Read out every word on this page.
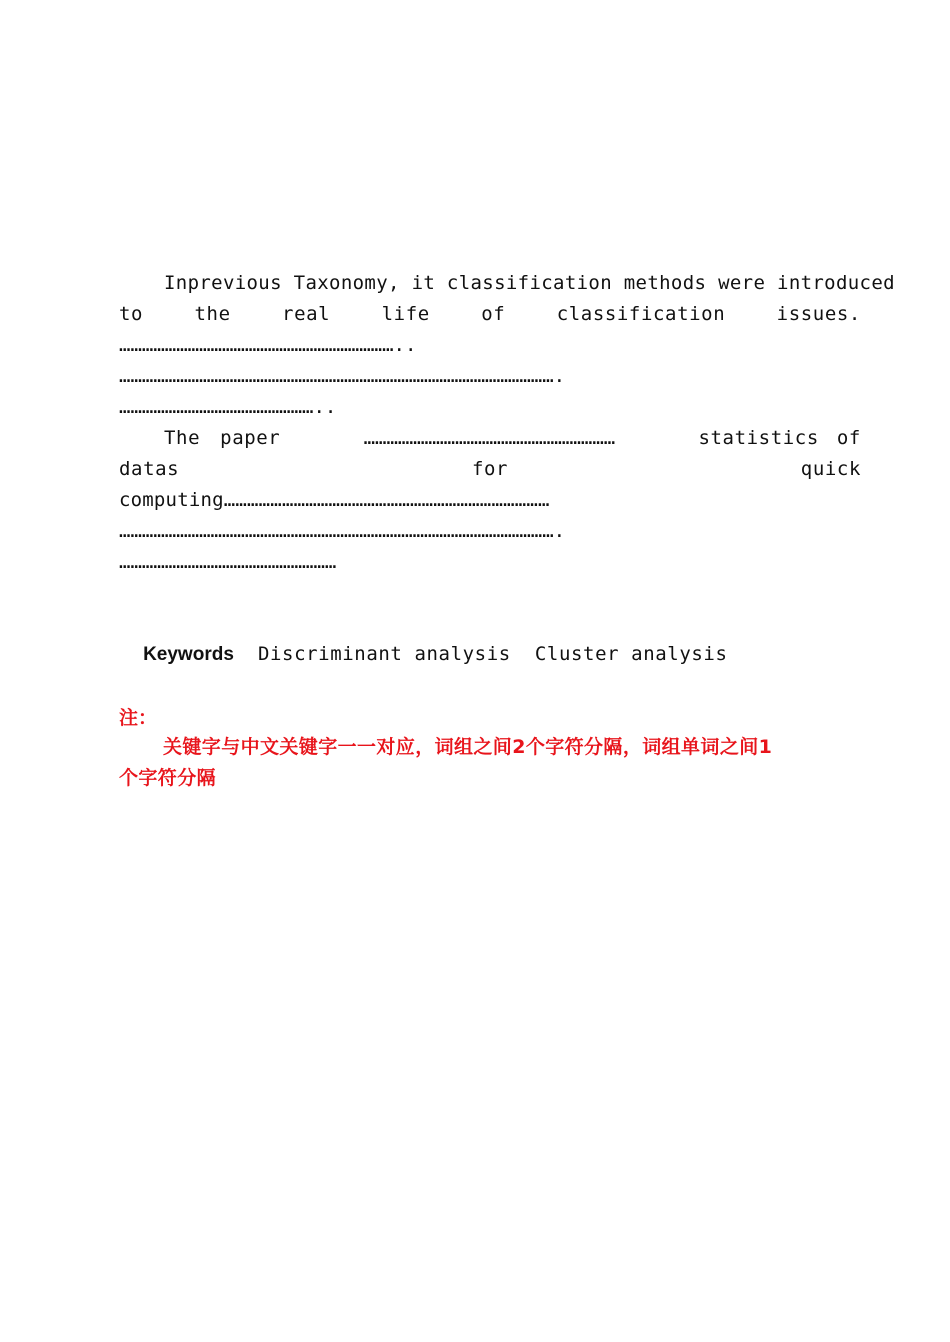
Inprevious Taxonomy, it classification methods were introduced
to	the	real	life	of	classification	issues.
………………………………………………………………..
…………………………………………………………………………………………………….
……………………………………………..
The paper	…………………………………………………………	statistics of
datas	for	quick
computing…………………………………………………………………………
…………………………………………………………………………………………………….
…………………………………………………

Keywords Discriminant analysis Cluster analysis

注：
关键字与中文关键字一一对应，词组之间2个字符分隔，词组单词之间1
个字符分隔
